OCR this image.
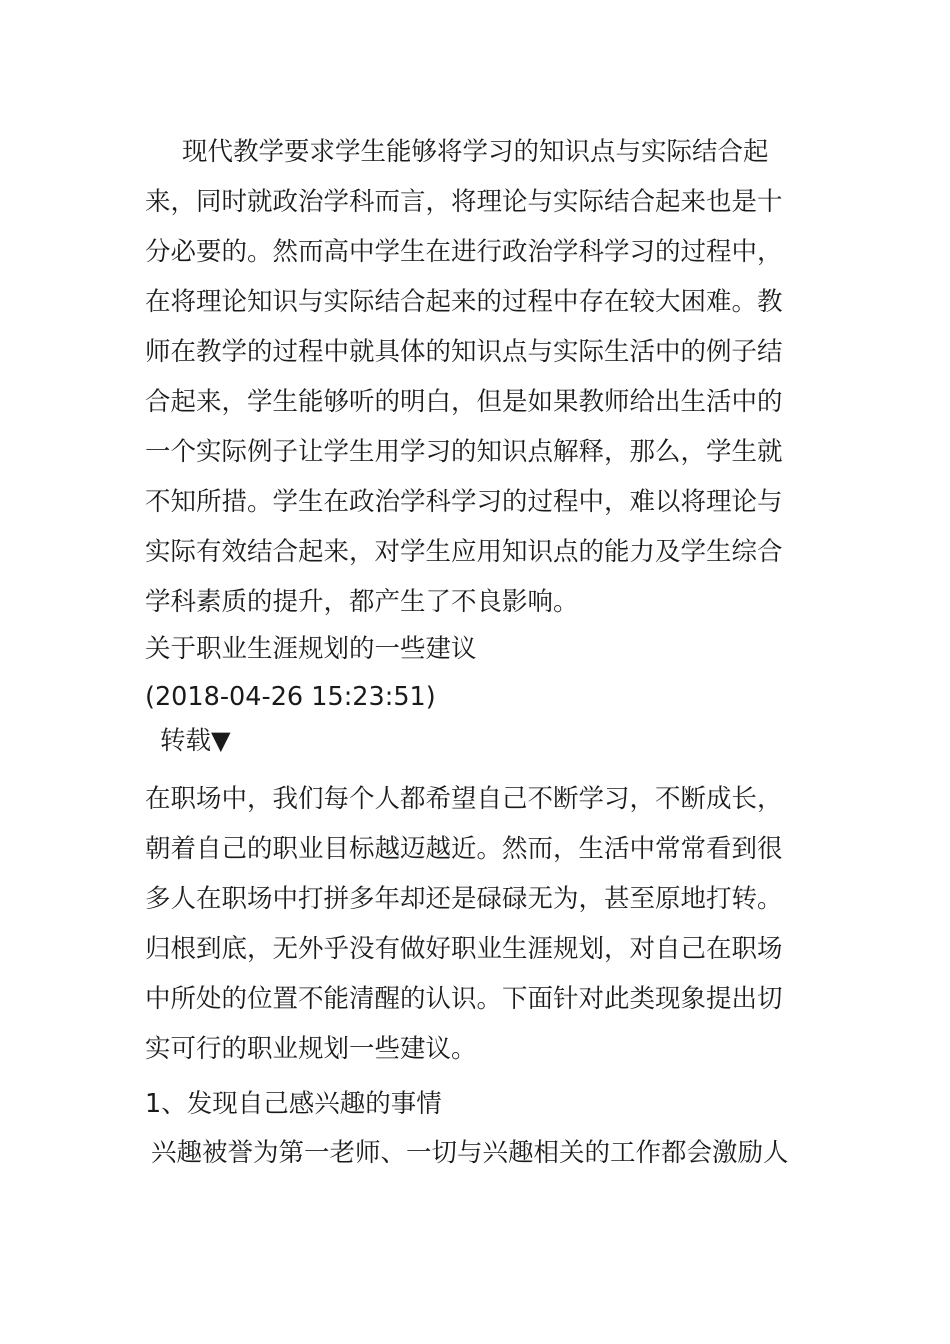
现代教学要求学生能够将学习的知识点与实际结合起来，同时就政治学科而言，将理论与实际结合起来也是十分必要的。然而高中学生在进行政治学科学习的过程中，在将理论知识与实际结合起来的过程中存在较大困难。教师在教学的过程中就具体的知识点与实际生活中的例子结合起来，学生能够听的明白，但是如果教师给出生活中的一个实际例子让学生用学习的知识点解释，那么，学生就不知所措。学生在政治学科学习的过程中，难以将理论与实际有效结合起来，对学生应用知识点的能力及学生综合学科素质的提升，都产生了不良影响。

关于职业生涯规划的一些建议
(2018-04-26 15:23:51)
转载▼

在职场中，我们每个人都希望自己不断学习，不断成长，朝着自己的职业目标越迈越近。然而，生活中常常看到很多人在职场中打拼多年却还是碌碌无为，甚至原地打转。归根到底，无外乎没有做好职业生涯规划，对自己在职场中所处的位置不能清醒的认识。下面针对此类现象提出切实可行的职业规划一些建议。

1、发现自己感兴趣的事情
兴趣被誉为第一老师、一切与兴趣相关的工作都会激励人
